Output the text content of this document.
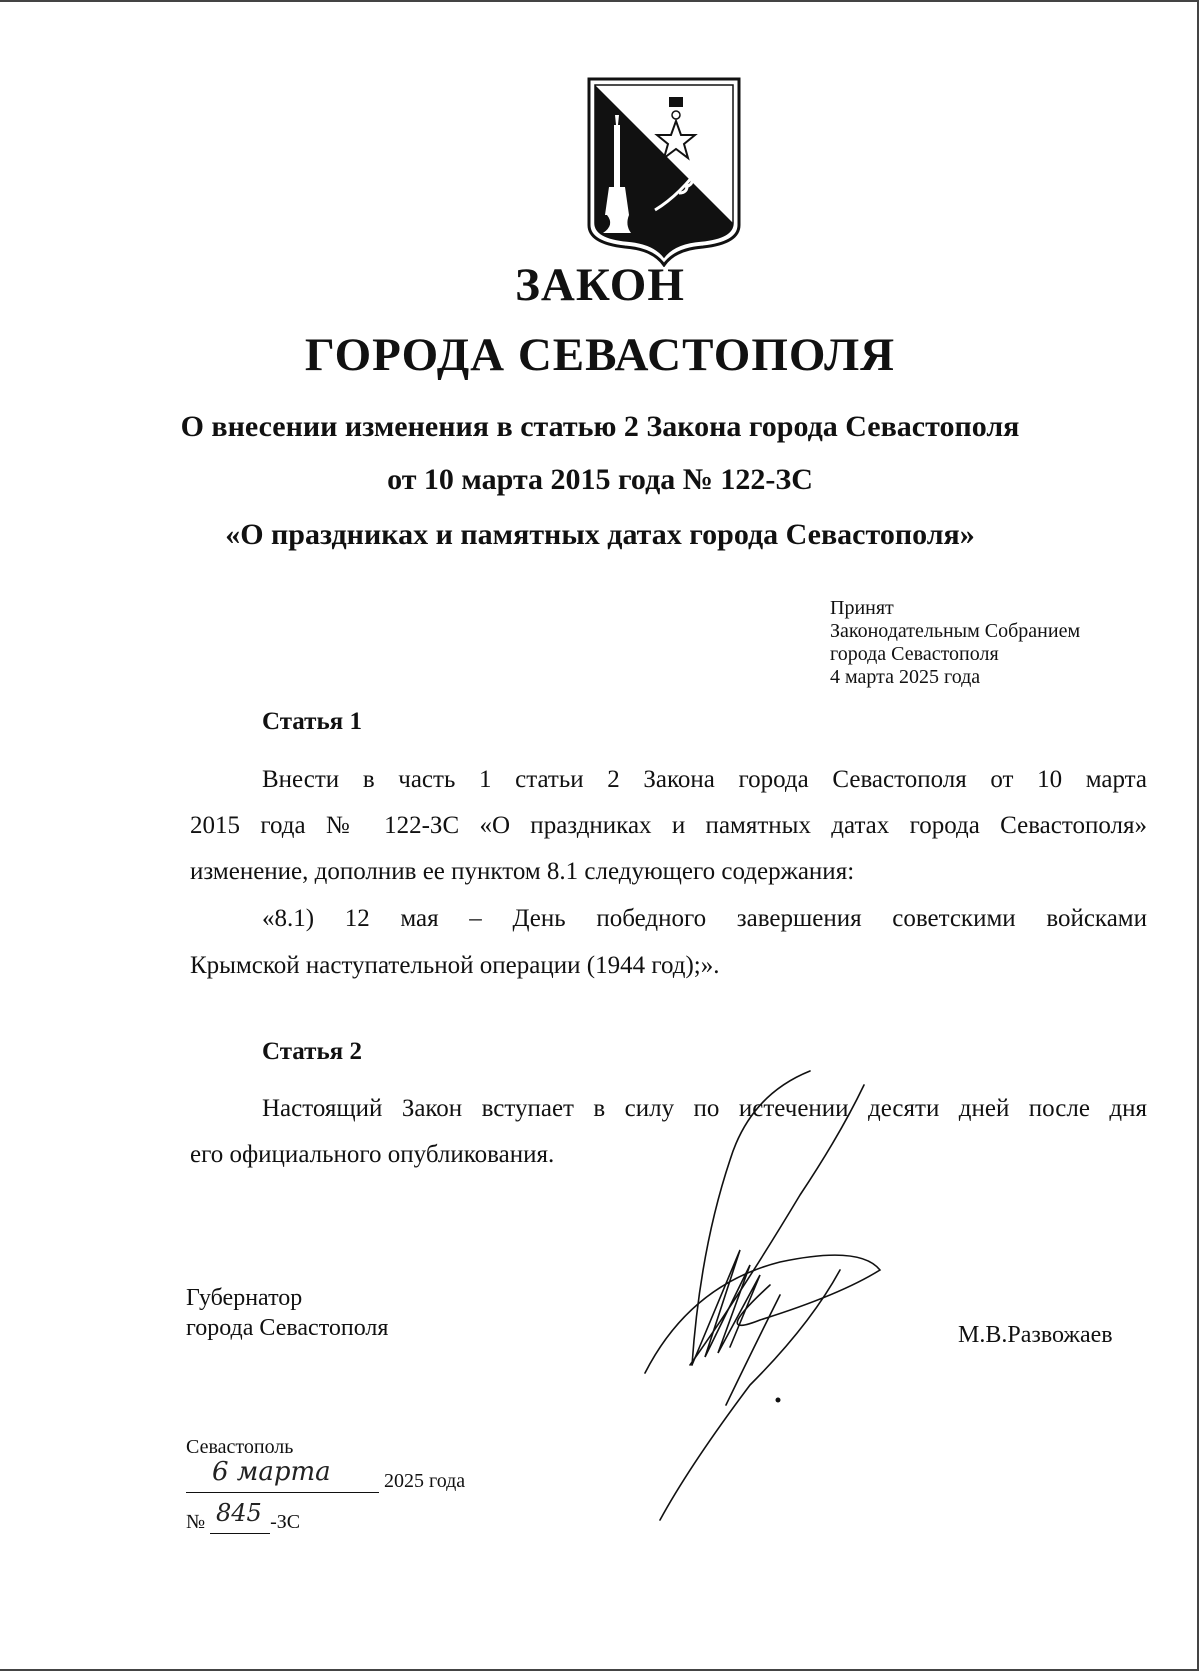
ЗАКОН
ГОРОДА СЕВАСТОПОЛЯ
О внесении изменения в статью 2 Закона города Севастополя
от 10 марта 2015 года № 122-ЗС
«О праздниках и памятных датах города Севастополя»
Принят
Законодательным Собранием
города Севастополя
4 марта 2025 года
Статья 1
Внести в часть 1 статьи 2 Закона города Севастополя от 10 марта
2015 года № 122-ЗС «О праздниках и памятных датах города Севастополя»
изменение, дополнив ее пунктом 8.1 следующего содержания:
«8.1) 12 мая – День победного завершения советскими войсками
Крымской наступательной операции (1944 год);».
Статья 2
Настоящий Закон вступает в силу по истечении десяти дней после дня
его официального опубликования.
Губернатор
города Севастополя	М.В.Развожаев
Севастополь
2025 года
6 марта
№	-ЗС
845
